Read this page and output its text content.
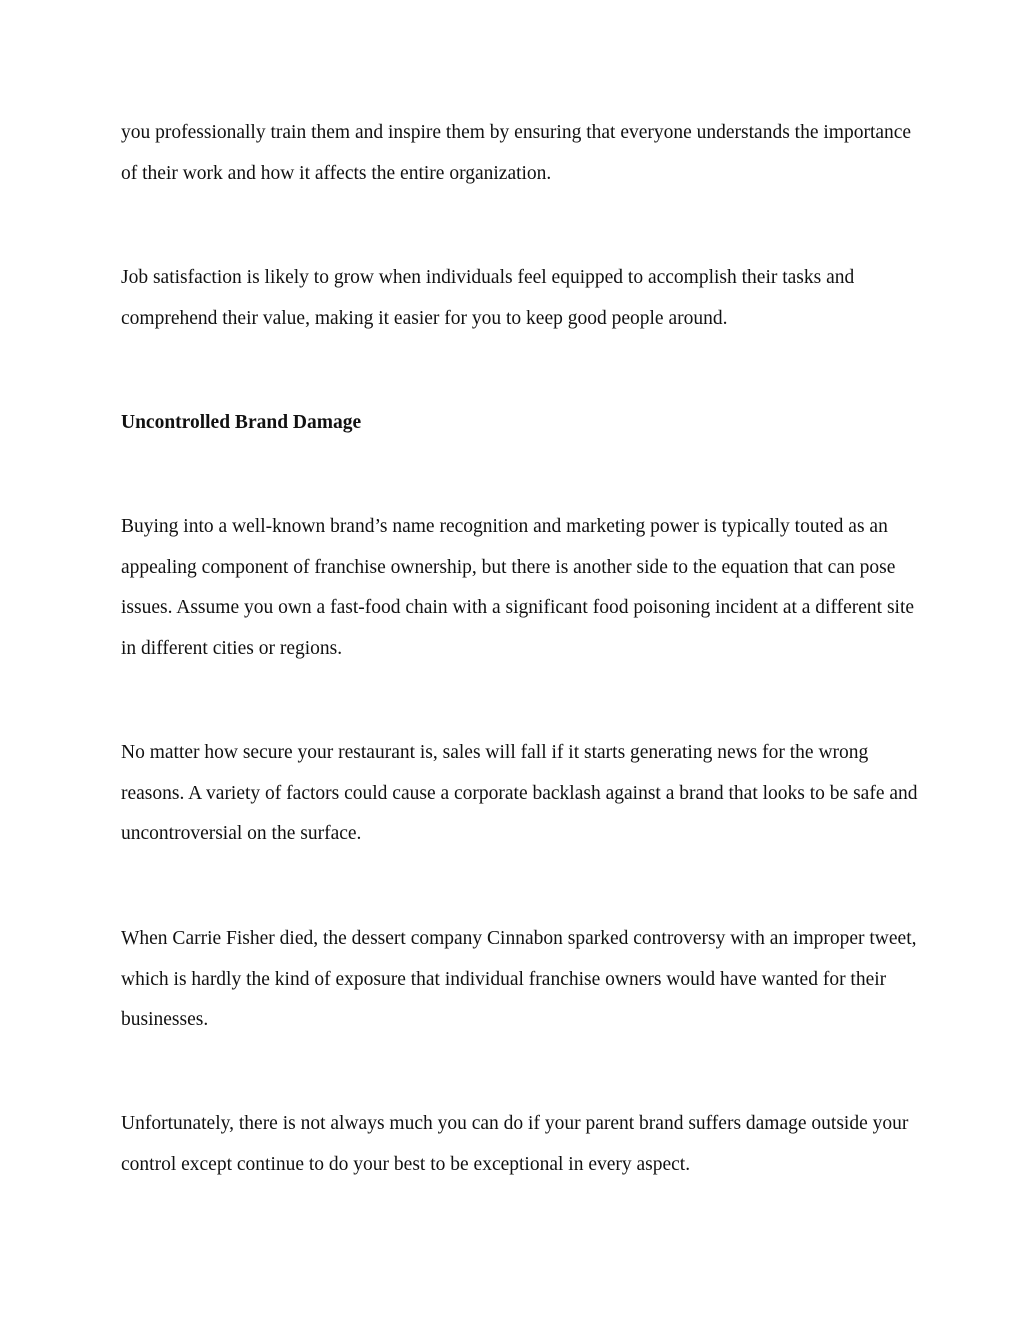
you professionally train them and inspire them by ensuring that everyone understands the importance of their work and how it affects the entire organization.

Job satisfaction is likely to grow when individuals feel equipped to accomplish their tasks and comprehend their value, making it easier for you to keep good people around.

Uncontrolled Brand Damage

Buying into a well-known brand’s name recognition and marketing power is typically touted as an appealing component of franchise ownership, but there is another side to the equation that can pose issues. Assume you own a fast-food chain with a significant food poisoning incident at a different site in different cities or regions.

No matter how secure your restaurant is, sales will fall if it starts generating news for the wrong reasons. A variety of factors could cause a corporate backlash against a brand that looks to be safe and uncontroversial on the surface.

When Carrie Fisher died, the dessert company Cinnabon sparked controversy with an improper tweet, which is hardly the kind of exposure that individual franchise owners would have wanted for their businesses.

Unfortunately, there is not always much you can do if your parent brand suffers damage outside your control except continue to do your best to be exceptional in every aspect.
